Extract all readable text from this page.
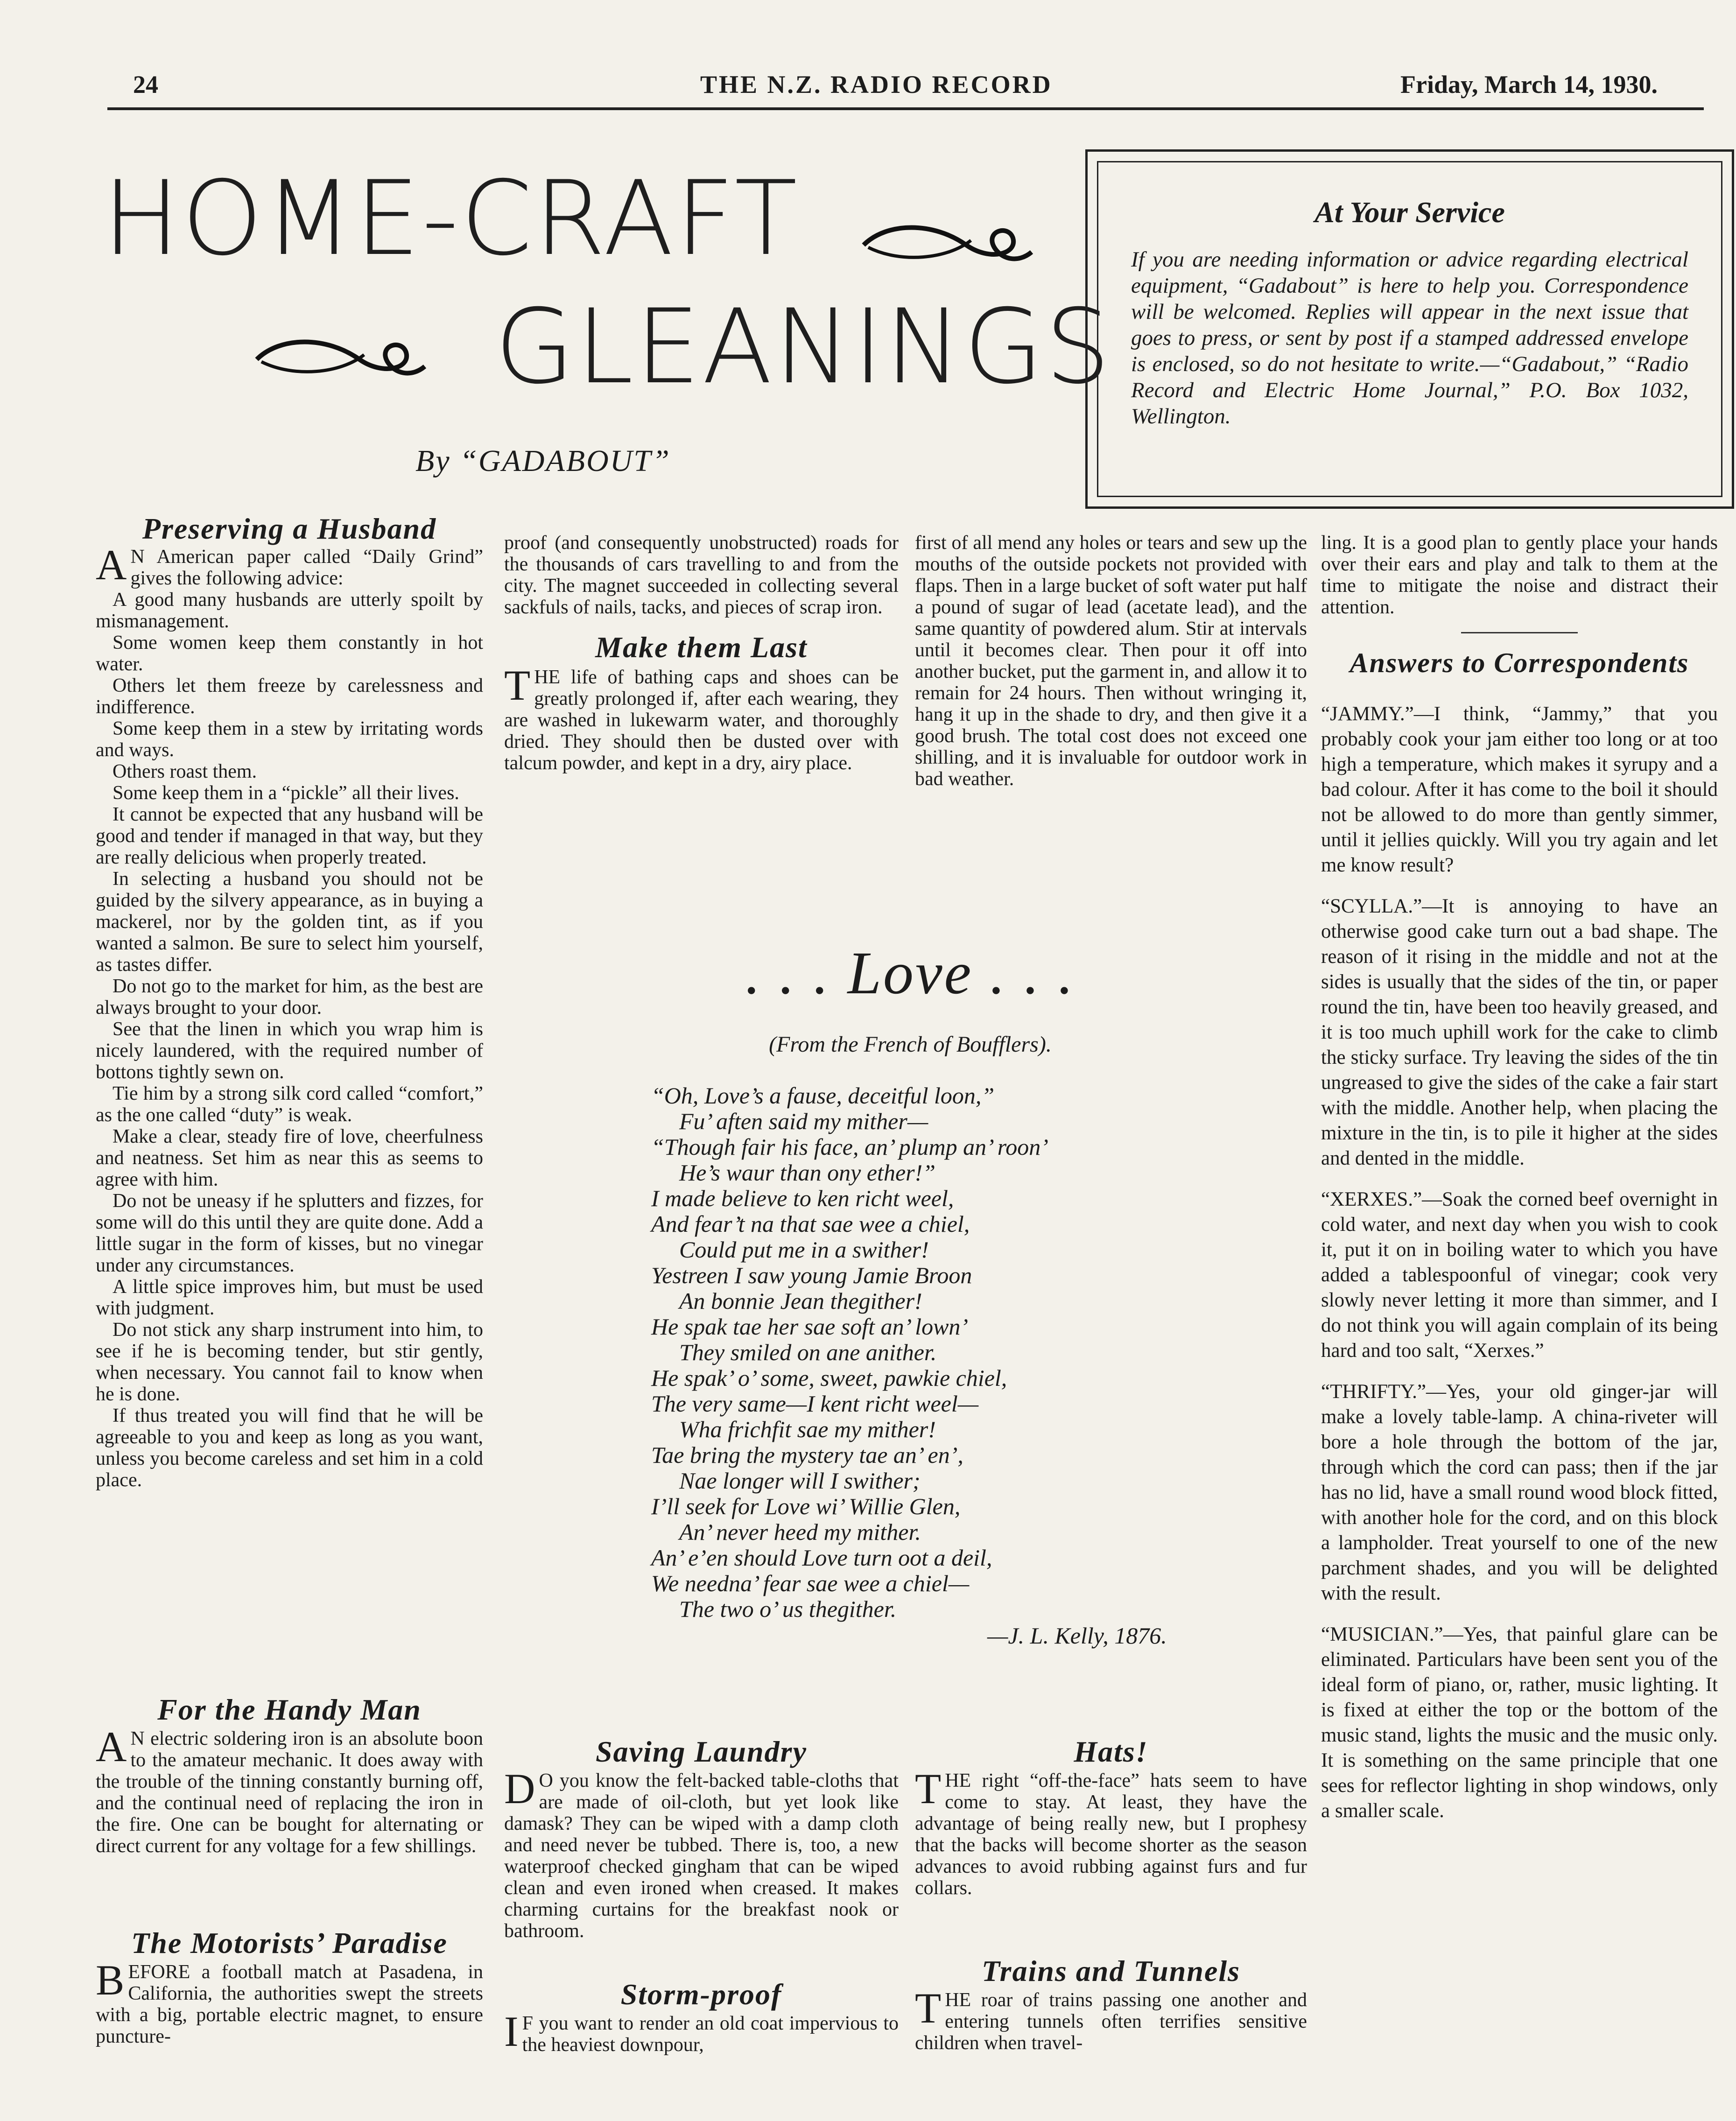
24	THE N.Z. RADIO RECORD	Friday, March 14, 1930.
HOME-CRAFT
GLEANINGS
By “GADABOUT”
At Your Service
If you are needing information or advice regarding electrical equipment, “Gadabout” is here to help you. Correspondence will be welcomed. Replies will appear in the next issue that goes to press, or sent by post if a stamped addressed envelope is enclosed, so do not hesitate to write.—“Gadabout,” “Radio Record and Electric Home Journal,” P.O. Box 1032, Wellington.
Preserving a Husband

A N American paper called “Daily Grind” gives the following advice:

A good many husbands are utterly spoilt by mismanagement.

Some women keep them constantly in hot water.

Others let them freeze by carelessness and indifference.

Some keep them in a stew by irritating words and ways.

Others roast them.

Some keep them in a “pickle” all their lives.

It cannot be expected that any husband will be good and tender if managed in that way, but they are really delicious when properly treated.

In selecting a husband you should not be guided by the silvery appearance, as in buying a mackerel, nor by the golden tint, as if you wanted a salmon. Be sure to select him yourself, as tastes differ.

Do not go to the market for him, as the best are always brought to your door.

See that the linen in which you wrap him is nicely laundered, with the required number of bottons tightly sewn on.

Tie him by a strong silk cord called “comfort,” as the one called “duty” is weak.

Make a clear, steady fire of love, cheerfulness and neatness. Set him as near this as seems to agree with him.

Do not be uneasy if he splutters and fizzes, for some will do this until they are quite done. Add a little sugar in the form of kisses, but no vinegar under any circumstances.

A little spice improves him, but must be used with judgment.

Do not stick any sharp instrument into him, to see if he is becoming tender, but stir gently, when necessary. You cannot fail to know when he is done.

If thus treated you will find that he will be agreeable to you and keep as long as you want, unless you become careless and set him in a cold place.

For the Handy Man

A N electric soldering iron is an absolute boon to the amateur mechanic. It does away with the trouble of the tinning constantly burning off, and the continual need of replacing the iron in the fire. One can be bought for alternating or direct current for any voltage for a few shillings.

The Motorists’ Paradise

BEFORE a football match at Pasadena, in California, the authorities swept the streets with a big, portable electric magnet, to ensure puncture-

proof (and consequently unobstructed) roads for the thousands of cars travelling to and from the city. The magnet succeeded in collecting several sackfuls of nails, tacks, and pieces of scrap iron.

Make them Last

THE life of bathing caps and shoes can be greatly prolonged if, after each wearing, they are washed in lukewarm water, and thoroughly dried. They should then be dusted over with talcum powder, and kept in a dry, airy place.

first of all mend any holes or tears and sew up the mouths of the outside pockets not provided with flaps. Then in a large bucket of soft water put half a pound of sugar of lead (acetate lead), and the same quantity of powdered alum. Stir at intervals until it becomes clear. Then pour it off into another bucket, put the garment in, and allow it to remain for 24 hours. Then without wringing it, hang it up in the shade to dry, and then give it a good brush. The total cost does not exceed one shilling, and it is invaluable for outdoor work in bad weather.

. . . Love . . .
(From the French of Boufflers).
“Oh, Love’s a fause, deceitful loon,”
Fu’ aften said my mither—
“Though fair his face, an’ plump an’ roon’
He’s waur than ony ether!”
I made believe to ken richt weel,
And fear’t na that sae wee a chiel,
Could put me in a swither!
Yestreen I saw young Jamie Broon
An bonnie Jean thegither!
He spak tae her sae soft an’ lown’
They smiled on ane anither.
He spak’ o’ some, sweet, pawkie chiel,
The very same—I kent richt weel—
Wha frichfit sae my mither!
Tae bring the mystery tae an’ en’,
Nae longer will I swither;
I’ll seek for Love wi’ Willie Glen,
An’ never heed my mither.
An’ e’en should Love turn oot a deil,
We needna’ fear sae wee a chiel—
The two o’ us thegither.
—J. L. Kelly, 1876.
Saving Laundry

D O you know the felt-backed table-cloths that are made of oil-cloth, but yet look like damask? They can be wiped with a damp cloth and need never be tubbed. There is, too, a new waterproof checked gingham that can be wiped clean and even ironed when creased. It makes charming curtains for the breakfast nook or bathroom.

Storm-proof

I F you want to render an old coat impervious to the heaviest downpour,

Hats!

THE right “off-the-face” hats seem to have come to stay. At least, they have the advantage of being really new, but I prophesy that the backs will become shorter as the season advances to avoid rubbing against furs and fur collars.

Trains and Tunnels

THE roar of trains passing one another and entering tunnels often terrifies sensitive children when travel-

ling. It is a good plan to gently place your hands over their ears and play and talk to them at the time to mitigate the noise and distract their attention.

Answers to Correspondents

“JAMMY.”—I think, “Jammy,” that you probably cook your jam either too long or at too high a temperature, which makes it syrupy and a bad colour. After it has come to the boil it should not be allowed to do more than gently simmer, until it jellies quickly. Will you try again and let me know result?

“SCYLLA.”—It is annoying to have an otherwise good cake turn out a bad shape. The reason of it rising in the middle and not at the sides is usually that the sides of the tin, or paper round the tin, have been too heavily greased, and it is too much uphill work for the cake to climb the sticky surface. Try leaving the sides of the tin ungreased to give the sides of the cake a fair start with the middle. Another help, when placing the mixture in the tin, is to pile it higher at the sides and dented in the middle.

“XERXES.”—Soak the corned beef overnight in cold water, and next day when you wish to cook it, put it on in boiling water to which you have added a tablespoonful of vinegar; cook very slowly never letting it more than simmer, and I do not think you will again complain of its being hard and too salt, “Xerxes.”

“THRIFTY.”—Yes, your old ginger-jar will make a lovely table-lamp. A china-riveter will bore a hole through the bottom of the jar, through which the cord can pass; then if the jar has no lid, have a small round wood block fitted, with another hole for the cord, and on this block a lampholder. Treat yourself to one of the new parchment shades, and you will be delighted with the result.

“MUSICIAN.”—Yes, that painful glare can be eliminated. Particulars have been sent you of the ideal form of piano, or, rather, music lighting. It is fixed at either the top or the bottom of the music stand, lights the music and the music only. It is something on the same principle that one sees for reflector lighting in shop windows, only a smaller scale.
